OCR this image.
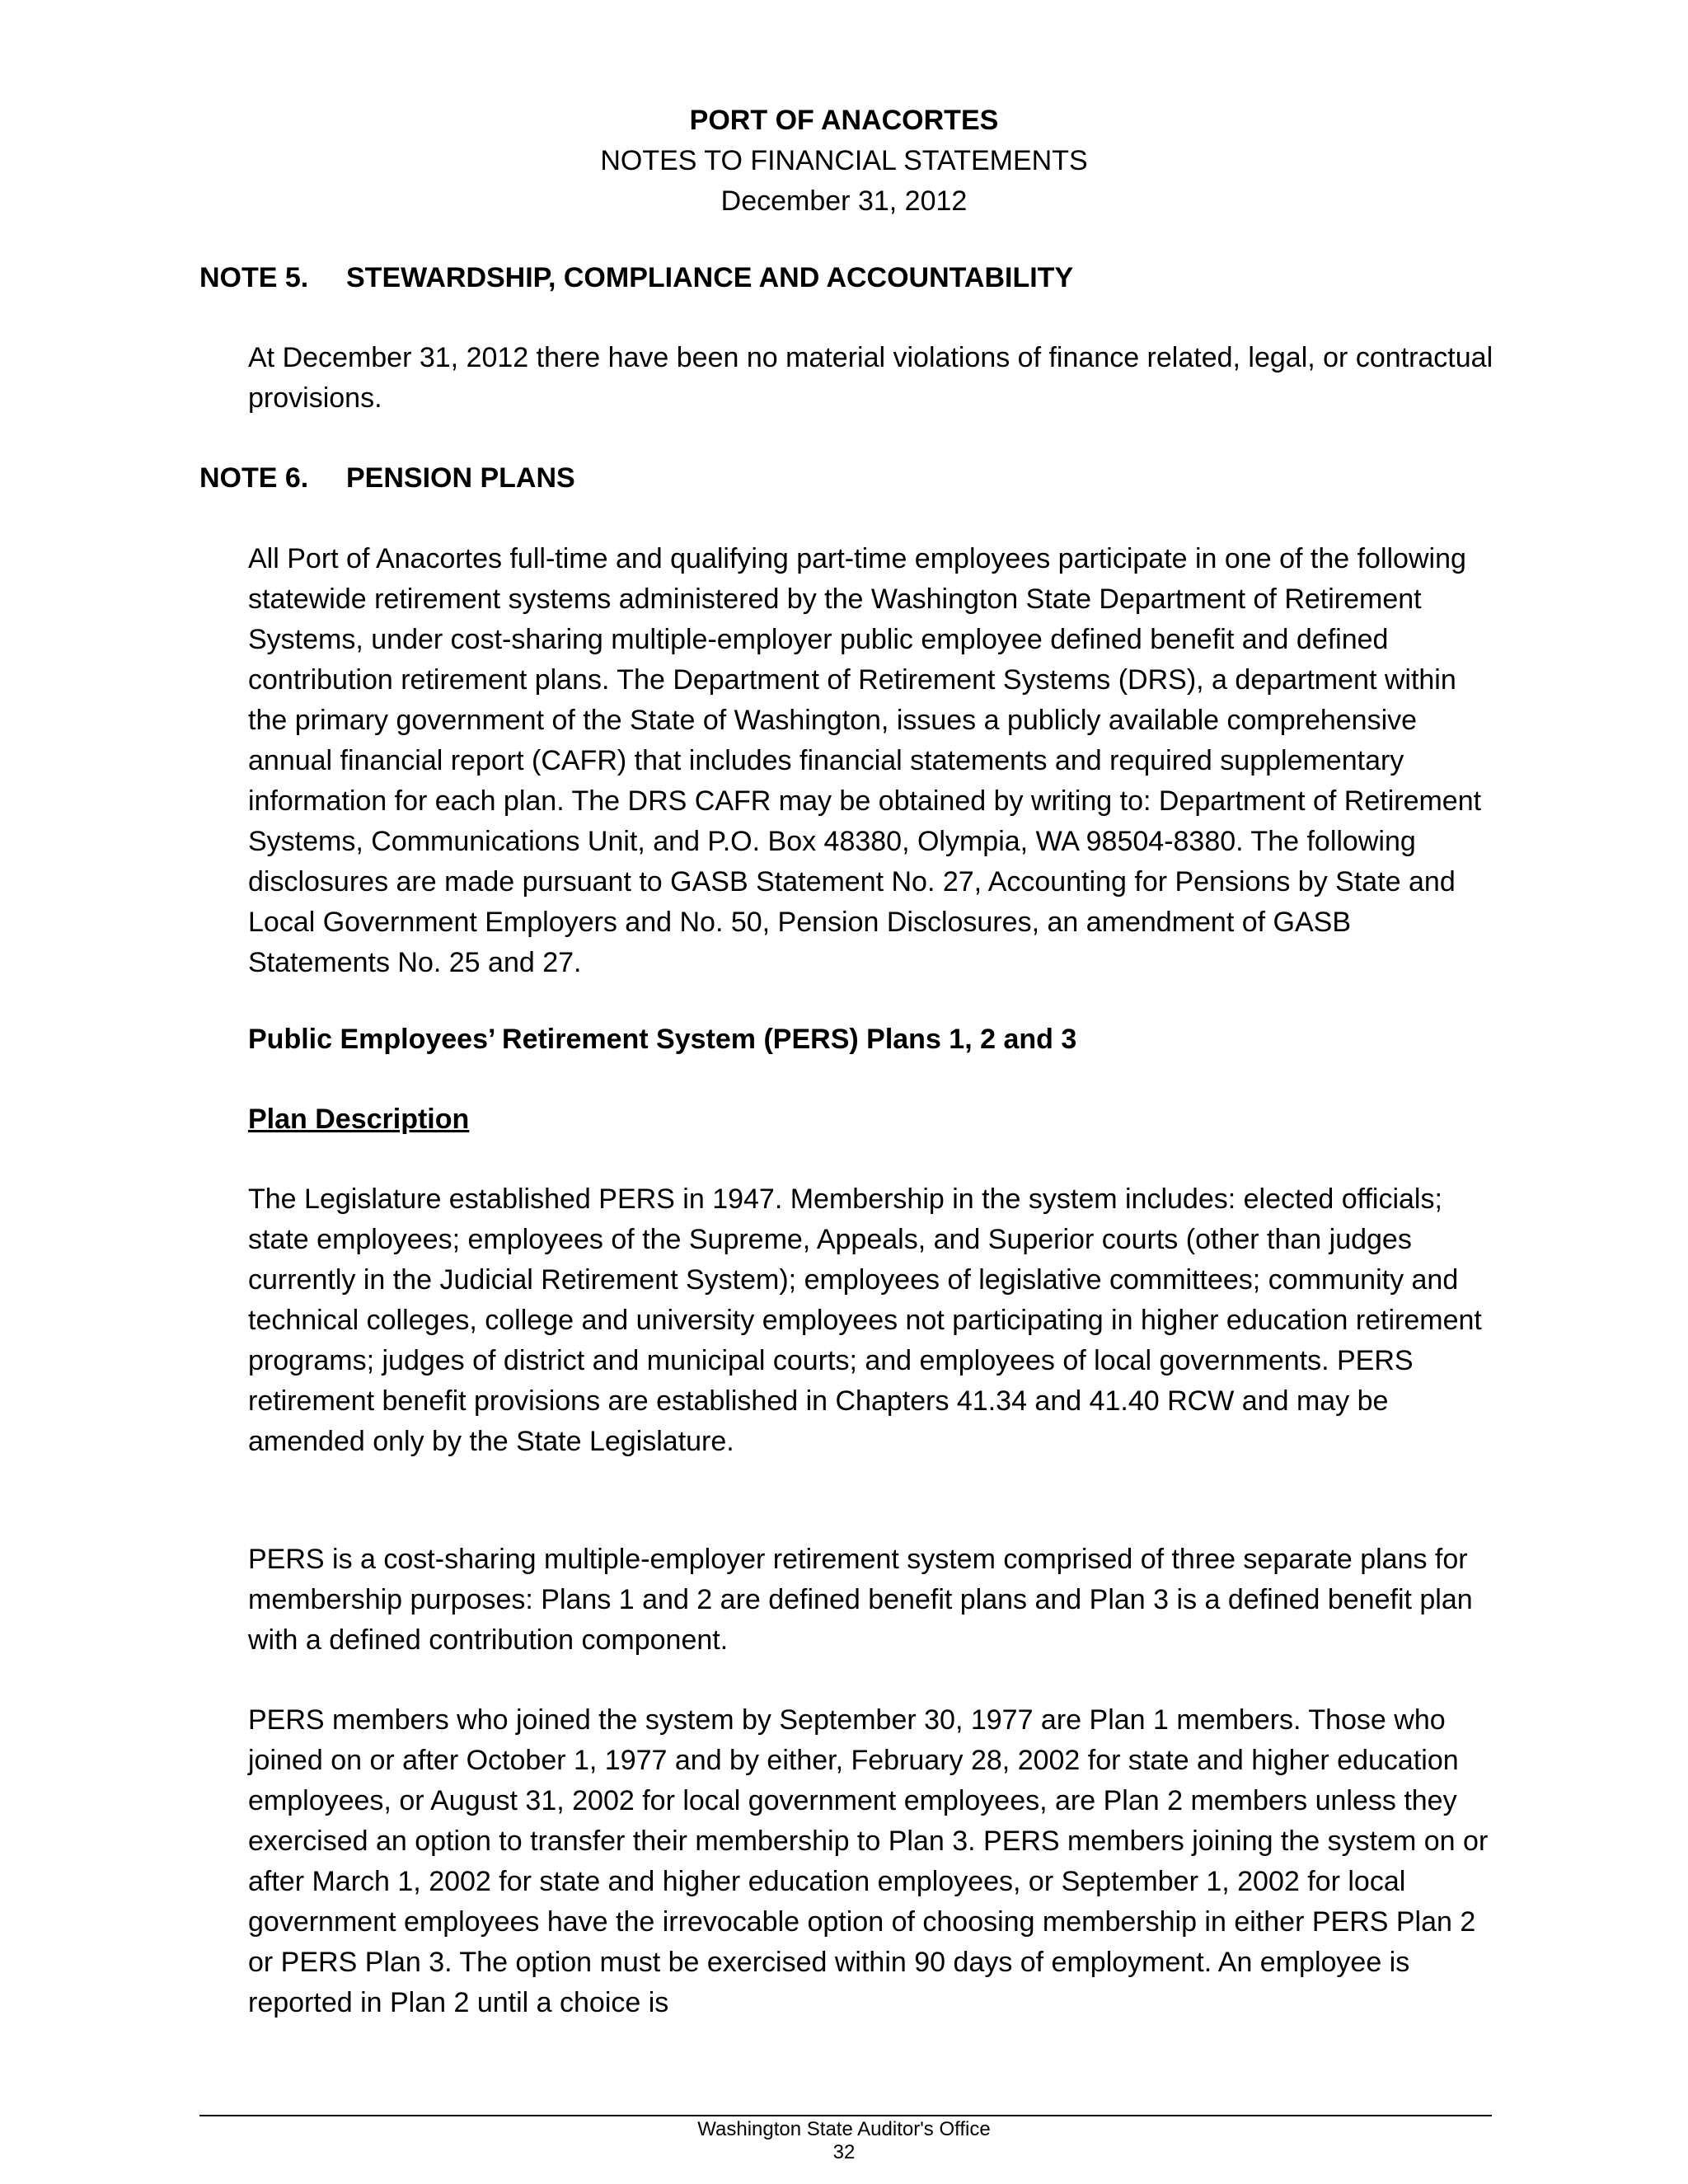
PORT OF ANACORTES
NOTES TO FINANCIAL STATEMENTS
December 31, 2012
NOTE 5. STEWARDSHIP, COMPLIANCE AND ACCOUNTABILITY

At December 31, 2012 there have been no material violations of finance related, legal, or contractual provisions.

NOTE 6. PENSION PLANS

All Port of Anacortes full-time and qualifying part-time employees participate in one of the following statewide retirement systems administered by the Washington State Department of Retirement Systems, under cost-sharing multiple-employer public employee defined benefit and defined contribution retirement plans. The Department of Retirement Systems (DRS), a department within the primary government of the State of Washington, issues a publicly available comprehensive annual financial report (CAFR) that includes financial statements and required supplementary information for each plan. The DRS CAFR may be obtained by writing to: Department of Retirement Systems, Communications Unit, and P.O. Box 48380, Olympia, WA 98504-8380. The following disclosures are made pursuant to GASB Statement No. 27, Accounting for Pensions by State and Local Government Employers and No. 50, Pension Disclosures, an amendment of GASB Statements No. 25 and 27.

Public Employees’ Retirement System (PERS) Plans 1, 2 and 3
Plan Description

The Legislature established PERS in 1947. Membership in the system includes: elected officials; state employees; employees of the Supreme, Appeals, and Superior courts (other than judges currently in the Judicial Retirement System); employees of legislative committees; community and technical colleges, college and university employees not participating in higher education retirement programs; judges of district and municipal courts; and employees of local governments. PERS retirement benefit provisions are established in Chapters 41.34 and 41.40 RCW and may be amended only by the State Legislature.

PERS is a cost-sharing multiple-employer retirement system comprised of three separate plans for membership purposes: Plans 1 and 2 are defined benefit plans and Plan 3 is a defined benefit plan with a defined contribution component.

PERS members who joined the system by September 30, 1977 are Plan 1 members. Those who joined on or after October 1, 1977 and by either, February 28, 2002 for state and higher education employees, or August 31, 2002 for local government employees, are Plan 2 members unless they exercised an option to transfer their membership to Plan 3. PERS members joining the system on or after March 1, 2002 for state and higher education employees, or September 1, 2002 for local government employees have the irrevocable option of choosing membership in either PERS Plan 2 or PERS Plan 3. The option must be exercised within 90 days of employment. An employee is reported in Plan 2 until a choice is

Washington State Auditor's Office
32
